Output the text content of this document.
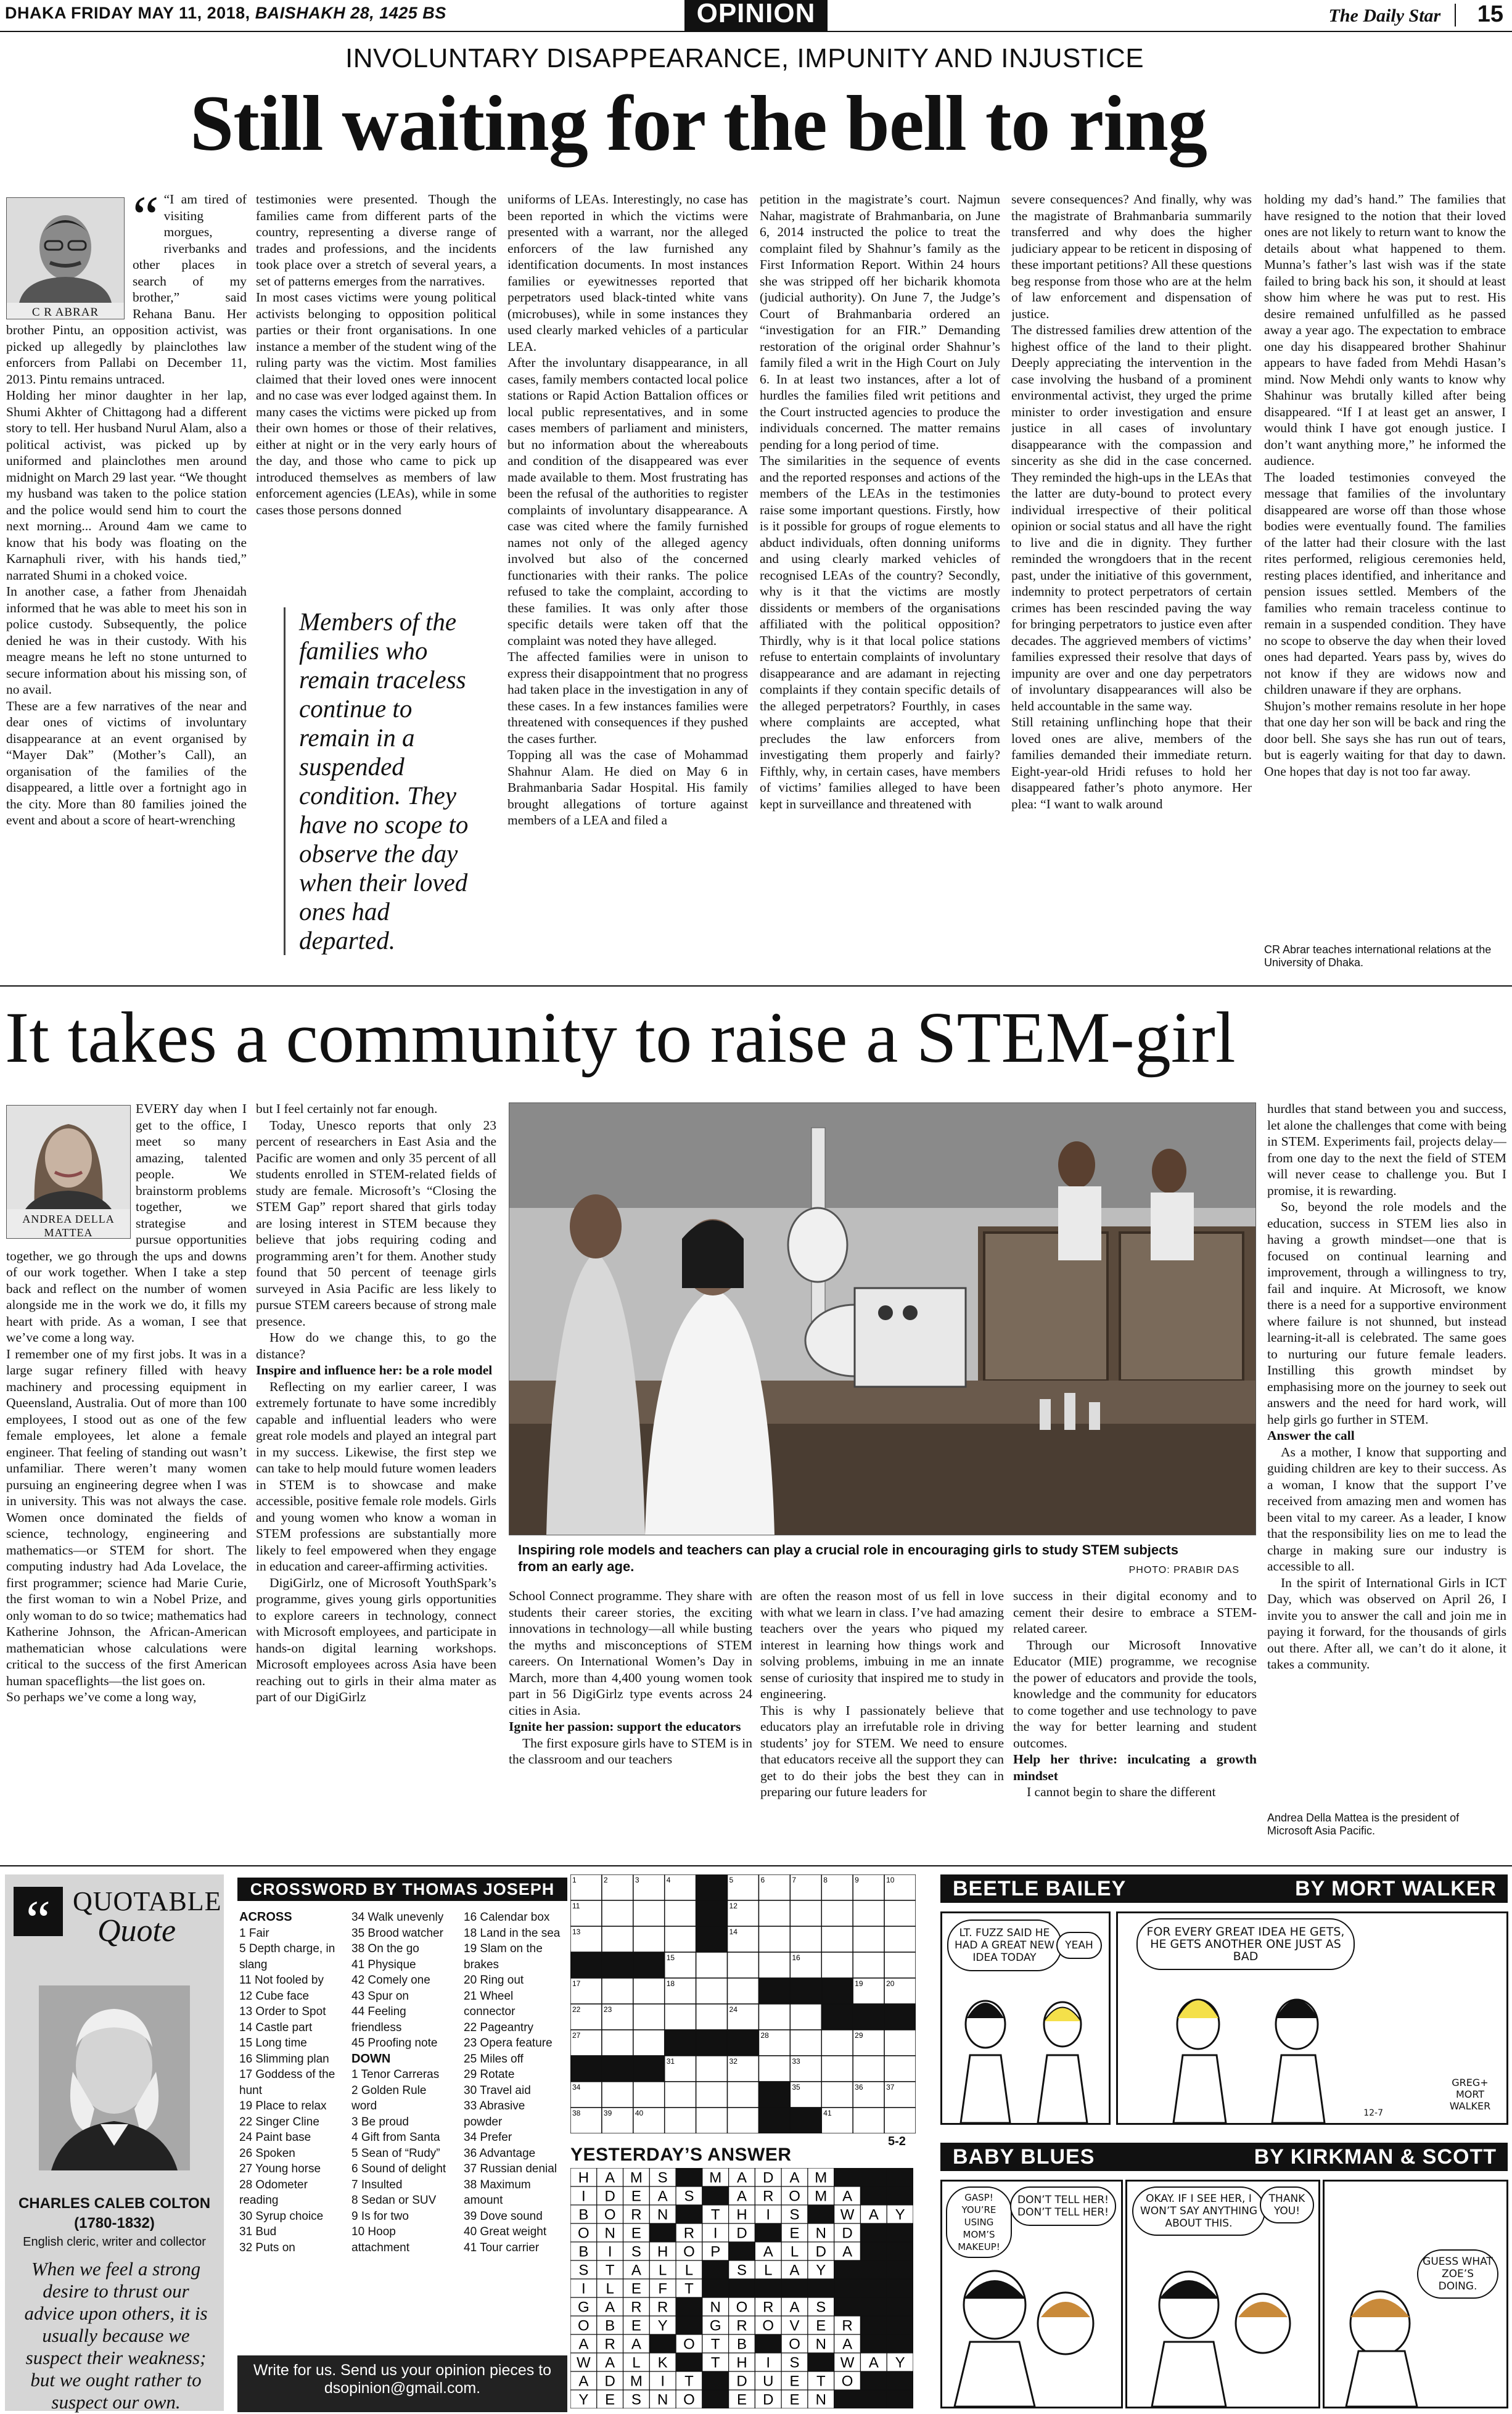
DHAKA FRIDAY MAY 11, 2018, BAISHAKH 28, 1425 BS	OPINION	The Daily Star 15
INVOLUNTARY DISAPPEARANCE, IMPUNITY AND INJUSTICE
Still waiting for the bell to ring
C R ABRAR
“ “I am tired of visiting morgues, riverbanks and other places in search of my brother,” said Rehana Banu. Her brother Pintu, an opposition activist, was picked up allegedly by plainclothes law enforcers from Pallabi on December 11, 2013. Pintu remains untraced.
Holding her minor daughter in her lap, Shumi Akhter of Chittagong had a different story to tell. Her husband Nurul Alam, also a political activist, was picked up by uniformed and plainclothes men around midnight on March 29 last year. “We thought my husband was taken to the police station and the police would send him to court the next morning... Around 4am we came to know that his body was floating on the Karnaphuli river, with his hands tied,” narrated Shumi in a choked voice.
In another case, a father from Jhenaidah informed that he was able to meet his son in police custody. Subsequently, the police denied he was in their custody. With his meagre means he left no stone unturned to secure information about his missing son, of no avail.
These are a few narratives of the near and dear ones of victims of involuntary disappearance at an event organised by “Mayer Dak” (Mother’s Call), an organisation of the families of the disappeared, a little over a fortnight ago in the city. More than 80 families joined the event and about a score of heart-wrenching

testimonies were presented. Though the families came from different parts of the country, representing a diverse range of trades and professions, and the incidents took place over a stretch of several years, a set of patterns emerges from the narratives.
In most cases victims were young political activists belonging to opposition political parties or their front organisations. In one instance a member of the student wing of the ruling party was the victim. Most families claimed that their loved ones were innocent and no case was ever lodged against them. In many cases the victims were picked up from their own homes or those of their relatives, either at night or in the very early hours of the day, and those who came to pick up introduced themselves as members of law enforcement agencies (LEAs), while in some cases those persons donned

Members of the families who remain traceless continue to remain in a suspended condition. They have no scope to observe the day when their loved ones had departed.

uniforms of LEAs. Interestingly, no case has been reported in which the victims were presented with a warrant, nor the alleged enforcers of the law furnished any identification documents. In most instances families or eyewitnesses reported that perpetrators used black-tinted white vans (microbuses), while in some instances they used clearly marked vehicles of a particular LEA.
After the involuntary disappearance, in all cases, family members contacted local police stations or Rapid Action Battalion offices or local public representatives, and in some cases members of parliament and ministers, but no information about the whereabouts and condition of the disappeared was ever made available to them. Most frustrating has been the refusal of the authorities to register complaints of involuntary disappearance. A case was cited where the family furnished names not only of the alleged agency involved but also of the concerned functionaries with their ranks. The police refused to take the complaint, according to these families. It was only after those specific details were taken off that the complaint was noted they have alleged.
The affected families were in unison to express their disappointment that no progress had taken place in the investigation in any of these cases. In a few instances families were threatened with consequences if they pushed the cases further.
Topping all was the case of Mohammad Shahnur Alam. He died on May 6 in Brahmanbaria Sadar Hospital. His family brought allegations of torture against members of a LEA and filed a

petition in the magistrate’s court. Najmun Nahar, magistrate of Brahmanbaria, on June 6, 2014 instructed the police to treat the complaint filed by Shahnur’s family as the First Information Report. Within 24 hours she was stripped off her bicharik khomota (judicial authority). On June 7, the Judge’s Court of Brahmanbaria ordered an “investigation for an FIR.” Demanding restoration of the original order Shahnur’s family filed a writ in the High Court on July 6. In at least two instances, after a lot of hurdles the families filed writ petitions and the Court instructed agencies to produce the individuals concerned. The matter remains pending for a long period of time.
The similarities in the sequence of events and the reported responses and actions of the members of the LEAs in the testimonies raise some important questions. Firstly, how is it possible for groups of rogue elements to abduct individuals, often donning uniforms and using clearly marked vehicles of recognised LEAs of the country? Secondly, why is it that the victims are mostly dissidents or members of the organisations affiliated with the political opposition? Thirdly, why is it that local police stations refuse to entertain complaints of involuntary disappearance and are adamant in rejecting complaints if they contain specific details of the alleged perpetrators? Fourthly, in cases where complaints are accepted, what precludes the law enforcers from investigating them properly and fairly? Fifthly, why, in certain cases, have members of victims’ families alleged to have been kept in surveillance and threatened with

severe consequences? And finally, why was the magistrate of Brahmanbaria summarily transferred and why does the higher judiciary appear to be reticent in disposing of these important petitions? All these questions beg response from those who are at the helm of law enforcement and dispensation of justice.
The distressed families drew attention of the highest office of the land to their plight. Deeply appreciating the intervention in the case involving the husband of a prominent environmental activist, they urged the prime minister to order investigation and ensure justice in all cases of involuntary disappearance with the compassion and sincerity as she did in the case concerned. They reminded the high-ups in the LEAs that the latter are duty-bound to protect every individual irrespective of their political opinion or social status and all have the right to live and die in dignity. They further reminded the wrongdoers that in the recent past, under the initiative of this government, indemnity to protect perpetrators of certain crimes has been rescinded paving the way for bringing perpetrators to justice even after decades. The aggrieved members of victims’ families expressed their resolve that days of impunity are over and one day perpetrators of involuntary disappearances will also be held accountable in the same way.
Still retaining unflinching hope that their loved ones are alive, members of the families demanded their immediate return. Eight-year-old Hridi refuses to hold her disappeared father’s photo anymore. Her plea: “I want to walk around

holding my dad’s hand.” The families that have resigned to the notion that their loved ones are not likely to return want to know the details about what happened to them. Munna’s father’s last wish was if the state failed to bring back his son, it should at least show him where he was put to rest. His desire remained unfulfilled as he passed away a year ago. The expectation to embrace one day his disappeared brother Shahinur appears to have faded from Mehdi Hasan’s mind. Now Mehdi only wants to know why Shahinur was brutally killed after being disappeared. “If I at least get an answer, I would think I have got enough justice. I don’t want anything more,” he informed the audience.
The loaded testimonies conveyed the message that families of the involuntary disappeared are worse off than those whose bodies were eventually found. The families of the latter had their closure with the last rites performed, religious ceremonies held, resting places identified, and inheritance and pension issues settled. Members of the families who remain traceless continue to remain in a suspended condition. They have no scope to observe the day when their loved ones had departed. Years pass by, wives do not know if they are widows now and children unaware if they are orphans.
Shujon’s mother remains resolute in her hope that one day her son will be back and ring the door bell. She says she has run out of tears, but is eagerly waiting for that day to dawn. One hopes that day is not too far away.

CR Abrar teaches international relations at the University of Dhaka.
It takes a community to raise a STEM-girl
ANDREA DELLA MATTEA

EVERY day when I get to the office, I meet so many amazing, talented people. We brainstorm problems together, we strategise and pursue opportunities together, we go through the ups and downs of our work together. When I take a step back and reflect on the number of women alongside me in the work we do, it fills my heart with pride. As a woman, I see that we’ve come a long way.
I remember one of my first jobs. It was in a large sugar refinery filled with heavy machinery and processing equipment in Queensland, Australia. Out of more than 100 employees, I stood out as one of the few female employees, let alone a female engineer. That feeling of standing out wasn’t unfamiliar. There weren’t many women pursuing an engineering degree when I was in university. This was not always the case. Women once dominated the fields of science, technology, engineering and mathematics—or STEM for short. The computing industry had Ada Lovelace, the first programmer; science had Marie Curie, the first woman to win a Nobel Prize, and only woman to do so twice; mathematics had Katherine Johnson, the African-American mathematician whose calculations were critical to the success of the first American human spaceflights—the list goes on.
So perhaps we’ve come a long way,

but I feel certainly not far enough.

Today, Unesco reports that only 23 percent of researchers in East Asia and the Pacific are women and only 35 percent of all students enrolled in STEM-related fields of study are female. Microsoft’s “Closing the STEM Gap” report shared that girls today are losing interest in STEM because they believe that jobs requiring coding and programming aren’t for them. Another study found that 50 percent of teenage girls surveyed in Asia Pacific are less likely to pursue STEM careers because of strong male presence.

How do we change this, to go the distance?

Inspire and influence her: be a role model

Reflecting on my earlier career, I was extremely fortunate to have some incredibly capable and influential leaders who were great role models and played an integral part in my success. Likewise, the first step we can take to help mould future women leaders in STEM is to showcase and make accessible, positive female role models. Girls and young women who know a woman in STEM professions are substantially more likely to feel empowered when they engage in education and career-affirming activities.

DigiGirlz, one of Microsoft YouthSpark’s programme, gives young girls opportunities to explore careers in technology, connect with Microsoft employees, and participate in hands-on digital learning workshops. Microsoft employees across Asia have been reaching out to girls in their alma mater as part of our DigiGirlz

Inspiring role models and teachers can play a crucial role in encouraging girls to study STEM subjects from an early age.	PHOTO: PRABIR DAS

School Connect programme. They share with students their career stories, the exciting innovations in technology—all while busting the myths and misconceptions of STEM careers. On International Women’s Day in March, more than 4,400 young women took part in 56 DigiGirlz type events across 24 cities in Asia.

Ignite her passion: support the educators

The first exposure girls have to STEM is in the classroom and our teachers

are often the reason most of us fell in love with what we learn in class. I’ve had amazing teachers over the years who piqued my interest in learning how things work and solving problems, imbuing in me an innate sense of curiosity that inspired me to study in engineering.
This is why I passionately believe that educators play an irrefutable role in driving students’ joy for STEM. We need to ensure that educators receive all the support they can get to do their jobs the best they can in preparing our future leaders for

success in their digital economy and to cement their desire to embrace a STEM-related career.

Through our Microsoft Innovative Educator (MIE) programme, we recognise the power of educators and provide the tools, knowledge and the community for educators to come together and use technology to pave the way for better learning and student outcomes.

Help her thrive: inculcating a growth mindset

I cannot begin to share the different

hurdles that stand between you and success, let alone the challenges that come with being in STEM. Experiments fail, projects delay—from one day to the next the field of STEM will never cease to challenge you. But I promise, it is rewarding.

So, beyond the role models and the education, success in STEM lies also in having a growth mindset—one that is focused on continual learning and improvement, through a willingness to try, fail and inquire. At Microsoft, we know there is a need for a supportive environment where failure is not shunned, but instead learning-it-all is celebrated. The same goes to nurturing our future female leaders. Instilling this growth mindset by emphasising more on the journey to seek out answers and the need for hard work, will help girls go further in STEM.

Answer the call

As a mother, I know that supporting and guiding children are key to their success. As a woman, I know that the support I’ve received from amazing men and women has been vital to my career. As a leader, I know that the responsibility lies on me to lead the charge in making sure our industry is accessible to all.

In the spirit of International Girls in ICT Day, which was observed on April 26, I invite you to answer the call and join me in paying it forward, for the thousands of girls out there. After all, we can’t do it alone, it takes a community.

Andrea Della Mattea is the president of Microsoft Asia Pacific.
“ QUOTABLE
Quote
CHARLES CALEB COLTON
(1780-1832)
English cleric, writer and collector
When we feel a strong desire to thrust our advice upon others, it is usually because we suspect their weakness; but we ought rather to suspect our own.
CROSSWORD BY THOMAS JOSEPH
ACROSS
1 Fair
5 Depth charge, in
slang
11 Not fooled by
12 Cube face
13 Order to Spot
14 Castle part
15 Long time
16 Slimming plan
17 Goddess of the
hunt
19 Place to relax
22 Singer Cline
24 Paint base
26 Spoken
27 Young horse
28 Odometer
reading
30 Syrup choice
31 Bud
32 Puts on
34 Walk unevenly
35 Brood watcher
38 On the go
41 Physique
42 Comely one
43 Spur on
44 Feeling
friendless
45 Proofing note
DOWN
1 Tenor Carreras
2 Golden Rule
word
3 Be proud
4 Gift from Santa
5 Sean of “Rudy”
6 Sound of delight
7 Insulted
8 Sedan or SUV
9 Is for two
10 Hoop
attachment
16 Calendar box
18 Land in the sea
19 Slam on the
brakes
20 Ring out
21 Wheel
connector
22 Pageantry
23 Opera feature
25 Miles off
29 Rotate
30 Travel aid
33 Abrasive
powder
34 Prefer
36 Advantage
37 Russian denial
38 Maximum
amount
39 Dove sound
40 Great weight
41 Tour carrier
Write for us. Send us your opinion pieces to
dsopinion@gmail.com.
1	2	3	4	5	6	7	8	9	10
11	12
13	14
15	16
17	18	19	20
22	23	24
27	28	29
31	32	33
34	35	36	37
38	39	40	41
5-2
YESTERDAY’S ANSWER
H A M S	M A D A M
I D E A S	A R O M A
B O R N	T H I S	W A Y
O N E	R I D	E N D
B I S H O P	A L D A
S T A L L	S L A Y
I L E F T
G A R R	N O R A S
O B E Y	G R O V E R
A R A	O T B	O N A
W A L K	T H I S	W A Y
A D M I T	D U E T O
Y E S N O	E D E N
BEETLE BAILEY	BY MORT WALKER
LT. FUZZ SAID HE HAD A GREAT NEW IDEA TODAY
YEAH
FOR EVERY GREAT IDEA HE GETS, HE GETS ANOTHER ONE JUST AS BAD
GREG+ MORT WALKER
12-7
BABY BLUES	BY KIRKMAN & SCOTT
GASP! YOU’RE USING MOM’S MAKEUP!
DON’T TELL HER! DON’T TELL HER!
OKAY. IF I SEE HER, I WON’T SAY ANYTHING ABOUT THIS.
THANK YOU!
GUESS WHAT ZOE’S DOING.
